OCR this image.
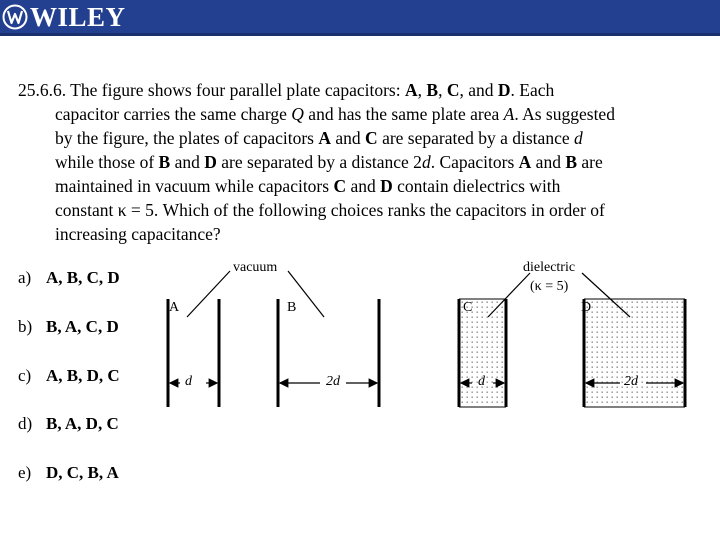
WILEY
25.6.6. The figure shows four parallel plate capacitors: A, B, C, and D. Each
capacitor carries the same charge Q and has the same plate area A. As suggested
by the figure, the plates of capacitors A and C are separated by a distance d
while those of B and D are separated by a distance 2d. Capacitors A and B are
maintained in vacuum while capacitors C and D contain dielectrics with
constant κ = 5. Which of the following choices ranks the capacitors in order of
increasing capacitance?
a) A, B, C, D
b) B, A, C, D
c) A, B, D, C
d) B, A, D, C
e) D, C, B, A
vacuum	dielectric
(κ = 5)
A	B	C	D
d	2d	d	2d
